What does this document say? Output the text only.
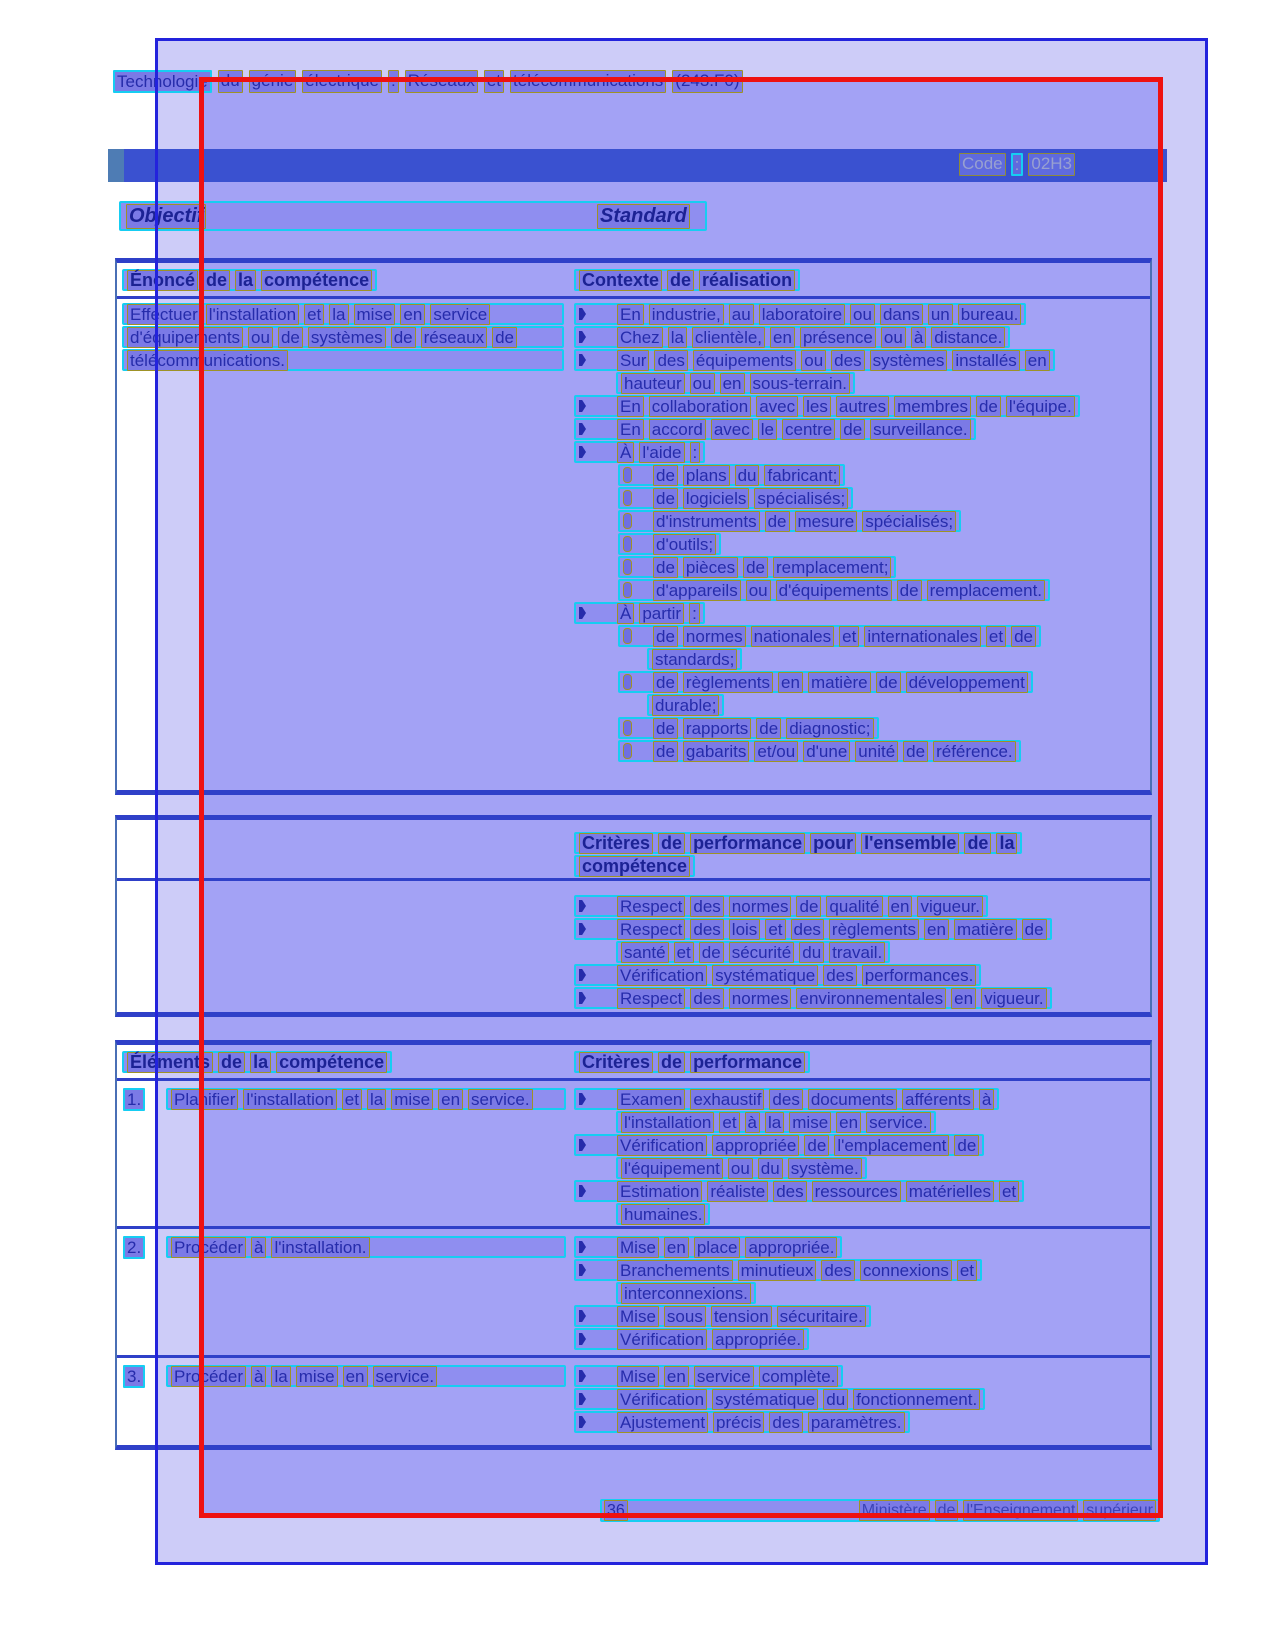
Technologie du génie électrique : Réseaux et télécommunications (243.F0)
Code : 02H3
Objectif	Standard
Énoncé de la compétence	Contexte de réalisation
Effectuer l'installation et la mise en service
d'équipements ou de systèmes de réseaux de
télécommunications.
En industrie, au laboratoire ou dans un bureau.
Chez la clientèle, en présence ou à distance.
Sur des équipements ou des systèmes installés en
hauteur ou en sous-terrain.
En collaboration avec les autres membres de l'équipe.
En accord avec le centre de surveillance.
À l'aide :
de plans du fabricant;
de logiciels spécialisés;
d'instruments de mesure spécialisés;
d'outils;
de pièces de remplacement;
d'appareils ou d'équipements de remplacement.
À partir :
de normes nationales et internationales et de
standards;
de règlements en matière de développement
durable;
de rapports de diagnostic;
de gabarits et/ou d'une unité de référence.
Critères de performance pour l'ensemble de la
compétence
Respect des normes de qualité en vigueur.
Respect des lois et des règlements en matière de
santé et de sécurité du travail.
Vérification systématique des performances.
Respect des normes environnementales en vigueur.
Éléments de la compétence	Critères de performance
1.	Planifier l'installation et la mise en service.	Examen exhaustif des documents afférents à
l'installation et à la mise en service.
Vérification appropriée de l'emplacement de
l'équipement ou du système.
Estimation réaliste des ressources matérielles et
humaines.
2.	Procéder à l'installation.	Mise en place appropriée.
Branchements minutieux des connexions et
interconnexions.
Mise sous tension sécuritaire.
Vérification appropriée.
3.	Procéder à la mise en service.	Mise en service complète.
Vérification systématique du fonctionnement.
Ajustement précis des paramètres.
36	Ministère de l'Enseignement supérieur
